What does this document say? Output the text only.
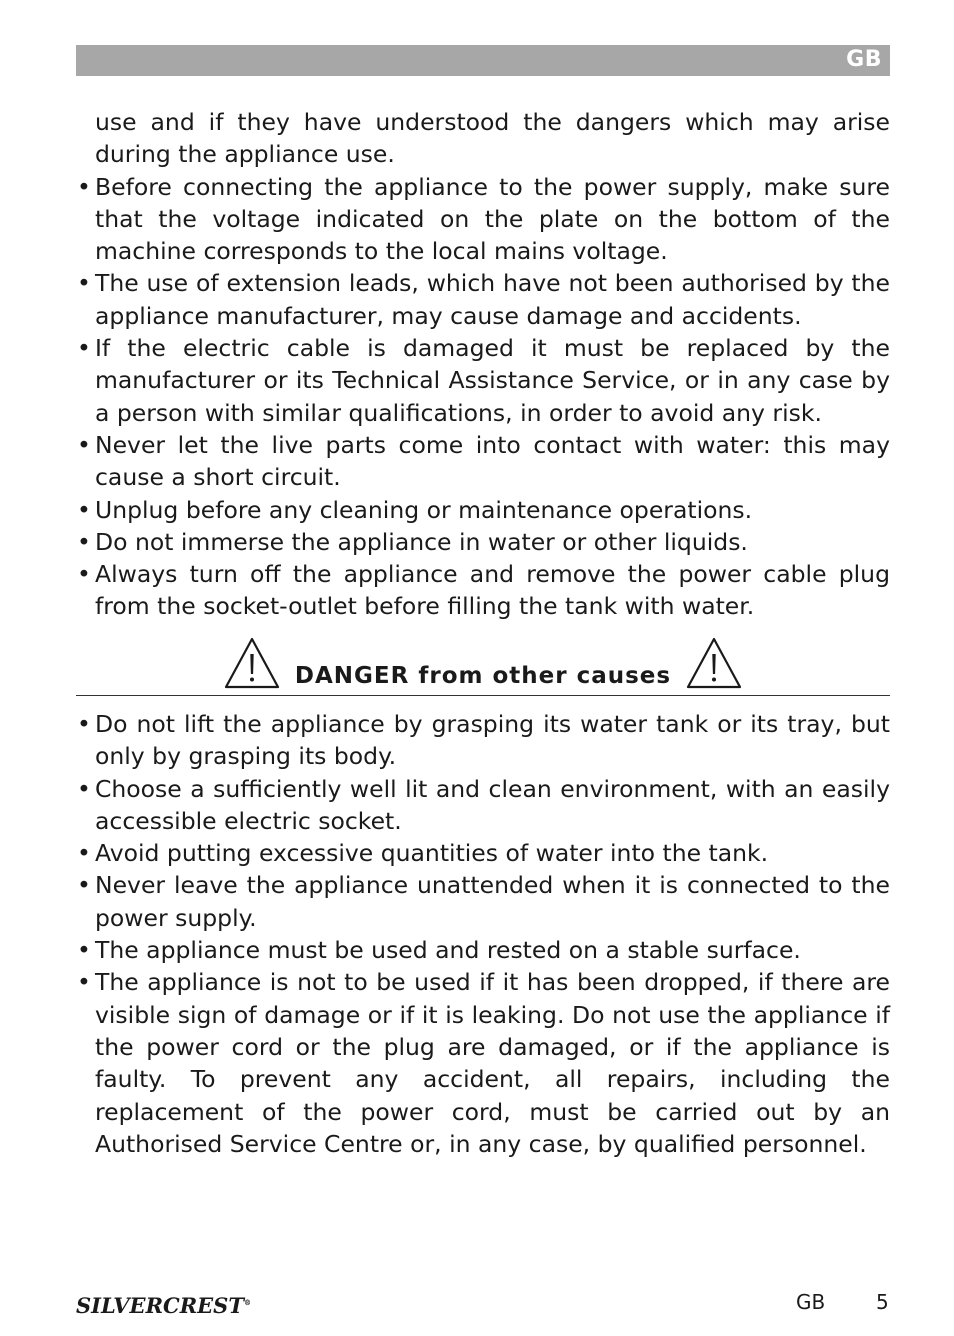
GB

use and if they have understood the dangers which may arise during the appliance use.

• Before connecting the appliance to the power supply, make sure that the voltage indicated on the plate on the bottom of the machine corresponds to the local mains voltage.

• The use of extension leads, which have not been authorised by the appliance manufacturer, may cause damage and accidents.

• If the electric cable is damaged it must be replaced by the manufacturer or its Technical Assistance Service, or in any case by a person with similar qualifications, in order to avoid any risk.

• Never let the live parts come into contact with water: this may cause a short circuit.

• Unplug before any cleaning or maintenance operations.

• Do not immerse the appliance in water or other liquids.

• Always turn off the appliance and remove the power cable plug from the socket-outlet before filling the tank with water.

DANGER from other causes

• Do not lift the appliance by grasping its water tank or its tray, but only by grasping its body.

• Choose a sufficiently well lit and clean environment, with an easily accessible electric socket.

• Avoid putting excessive quantities of water into the tank.

• Never leave the appliance unattended when it is connected to the power supply.

• The appliance must be used and rested on a stable surface.

• The appliance is not to be used if it has been dropped, if there are visible sign of damage or if it is leaking. Do not use the appliance if the power cord or the plug are damaged, or if the appliance is faulty. To prevent any accident, all repairs, including the replacement of the power cord, must be carried out by an Authorised Service Centre or, in any case, by qualified personnel.

SILVERCREST®	GB	5
